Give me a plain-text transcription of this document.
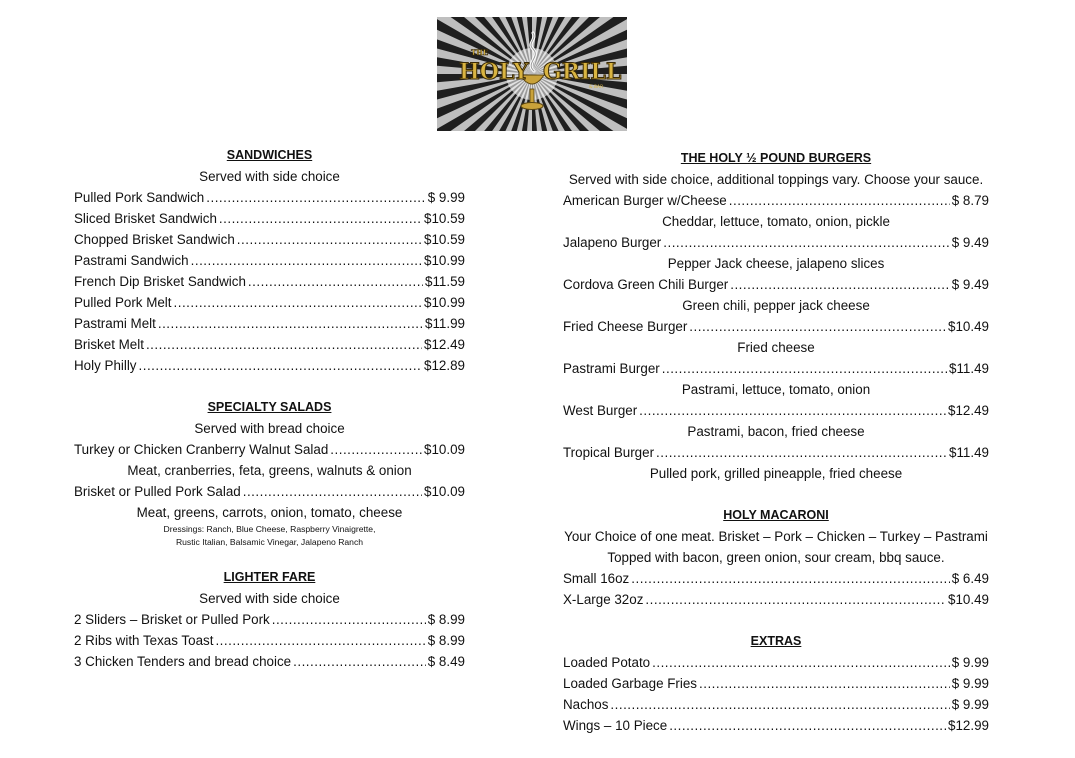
THE
HOLY GRILL
& BAR
SANDWICHES
Served with side choice
Pulled Pork Sandwich .....	$ 9.99
Sliced Brisket Sandwich .....	$10.59
Chopped Brisket Sandwich .....	$10.59
Pastrami Sandwich .....	$10.99
French Dip Brisket Sandwich .....	$11.59
Pulled Pork Melt .....	$10.99
Pastrami Melt .....	$11.99
Brisket Melt .....	$12.49
Holy Philly .....	$12.89
SPECIALTY SALADS
Served with bread choice
Turkey or Chicken Cranberry Walnut Salad .....	$10.09
Meat, cranberries, feta, greens, walnuts & onion
Brisket or Pulled Pork Salad .....	$10.09
Meat, greens, carrots, onion, tomato, cheese
Dressings: Ranch, Blue Cheese, Raspberry Vinaigrette,
Rustic Italian, Balsamic Vinegar, Jalapeno Ranch
LIGHTER FARE
Served with side choice
2 Sliders – Brisket or Pulled Pork .....	$ 8.99
2 Ribs with Texas Toast .....	$ 8.99
3 Chicken Tenders and bread choice .....	$ 8.49
THE HOLY ½ POUND BURGERS
Served with side choice, additional toppings vary. Choose your sauce.
American Burger w/Cheese .....	$ 8.79
Cheddar, lettuce, tomato, onion, pickle
Jalapeno Burger .....	$ 9.49
Pepper Jack cheese, jalapeno slices
Cordova Green Chili Burger .....	$ 9.49
Green chili, pepper jack cheese
Fried Cheese Burger .....	$10.49
Fried cheese
Pastrami Burger .....	$11.49
Pastrami, lettuce, tomato, onion
West Burger .....	$12.49
Pastrami, bacon, fried cheese
Tropical Burger .....	$11.49
Pulled pork, grilled pineapple, fried cheese
HOLY MACARONI
Your Choice of one meat. Brisket – Pork – Chicken – Turkey – Pastrami
Topped with bacon, green onion, sour cream, bbq sauce.
Small 16oz .....	$ 6.49
X-Large 32oz .....	$10.49
EXTRAS
Loaded Potato .....	$ 9.99
Loaded Garbage Fries .....	$ 9.99
Nachos .....	$ 9.99
Wings – 10 Piece .....	$12.99
